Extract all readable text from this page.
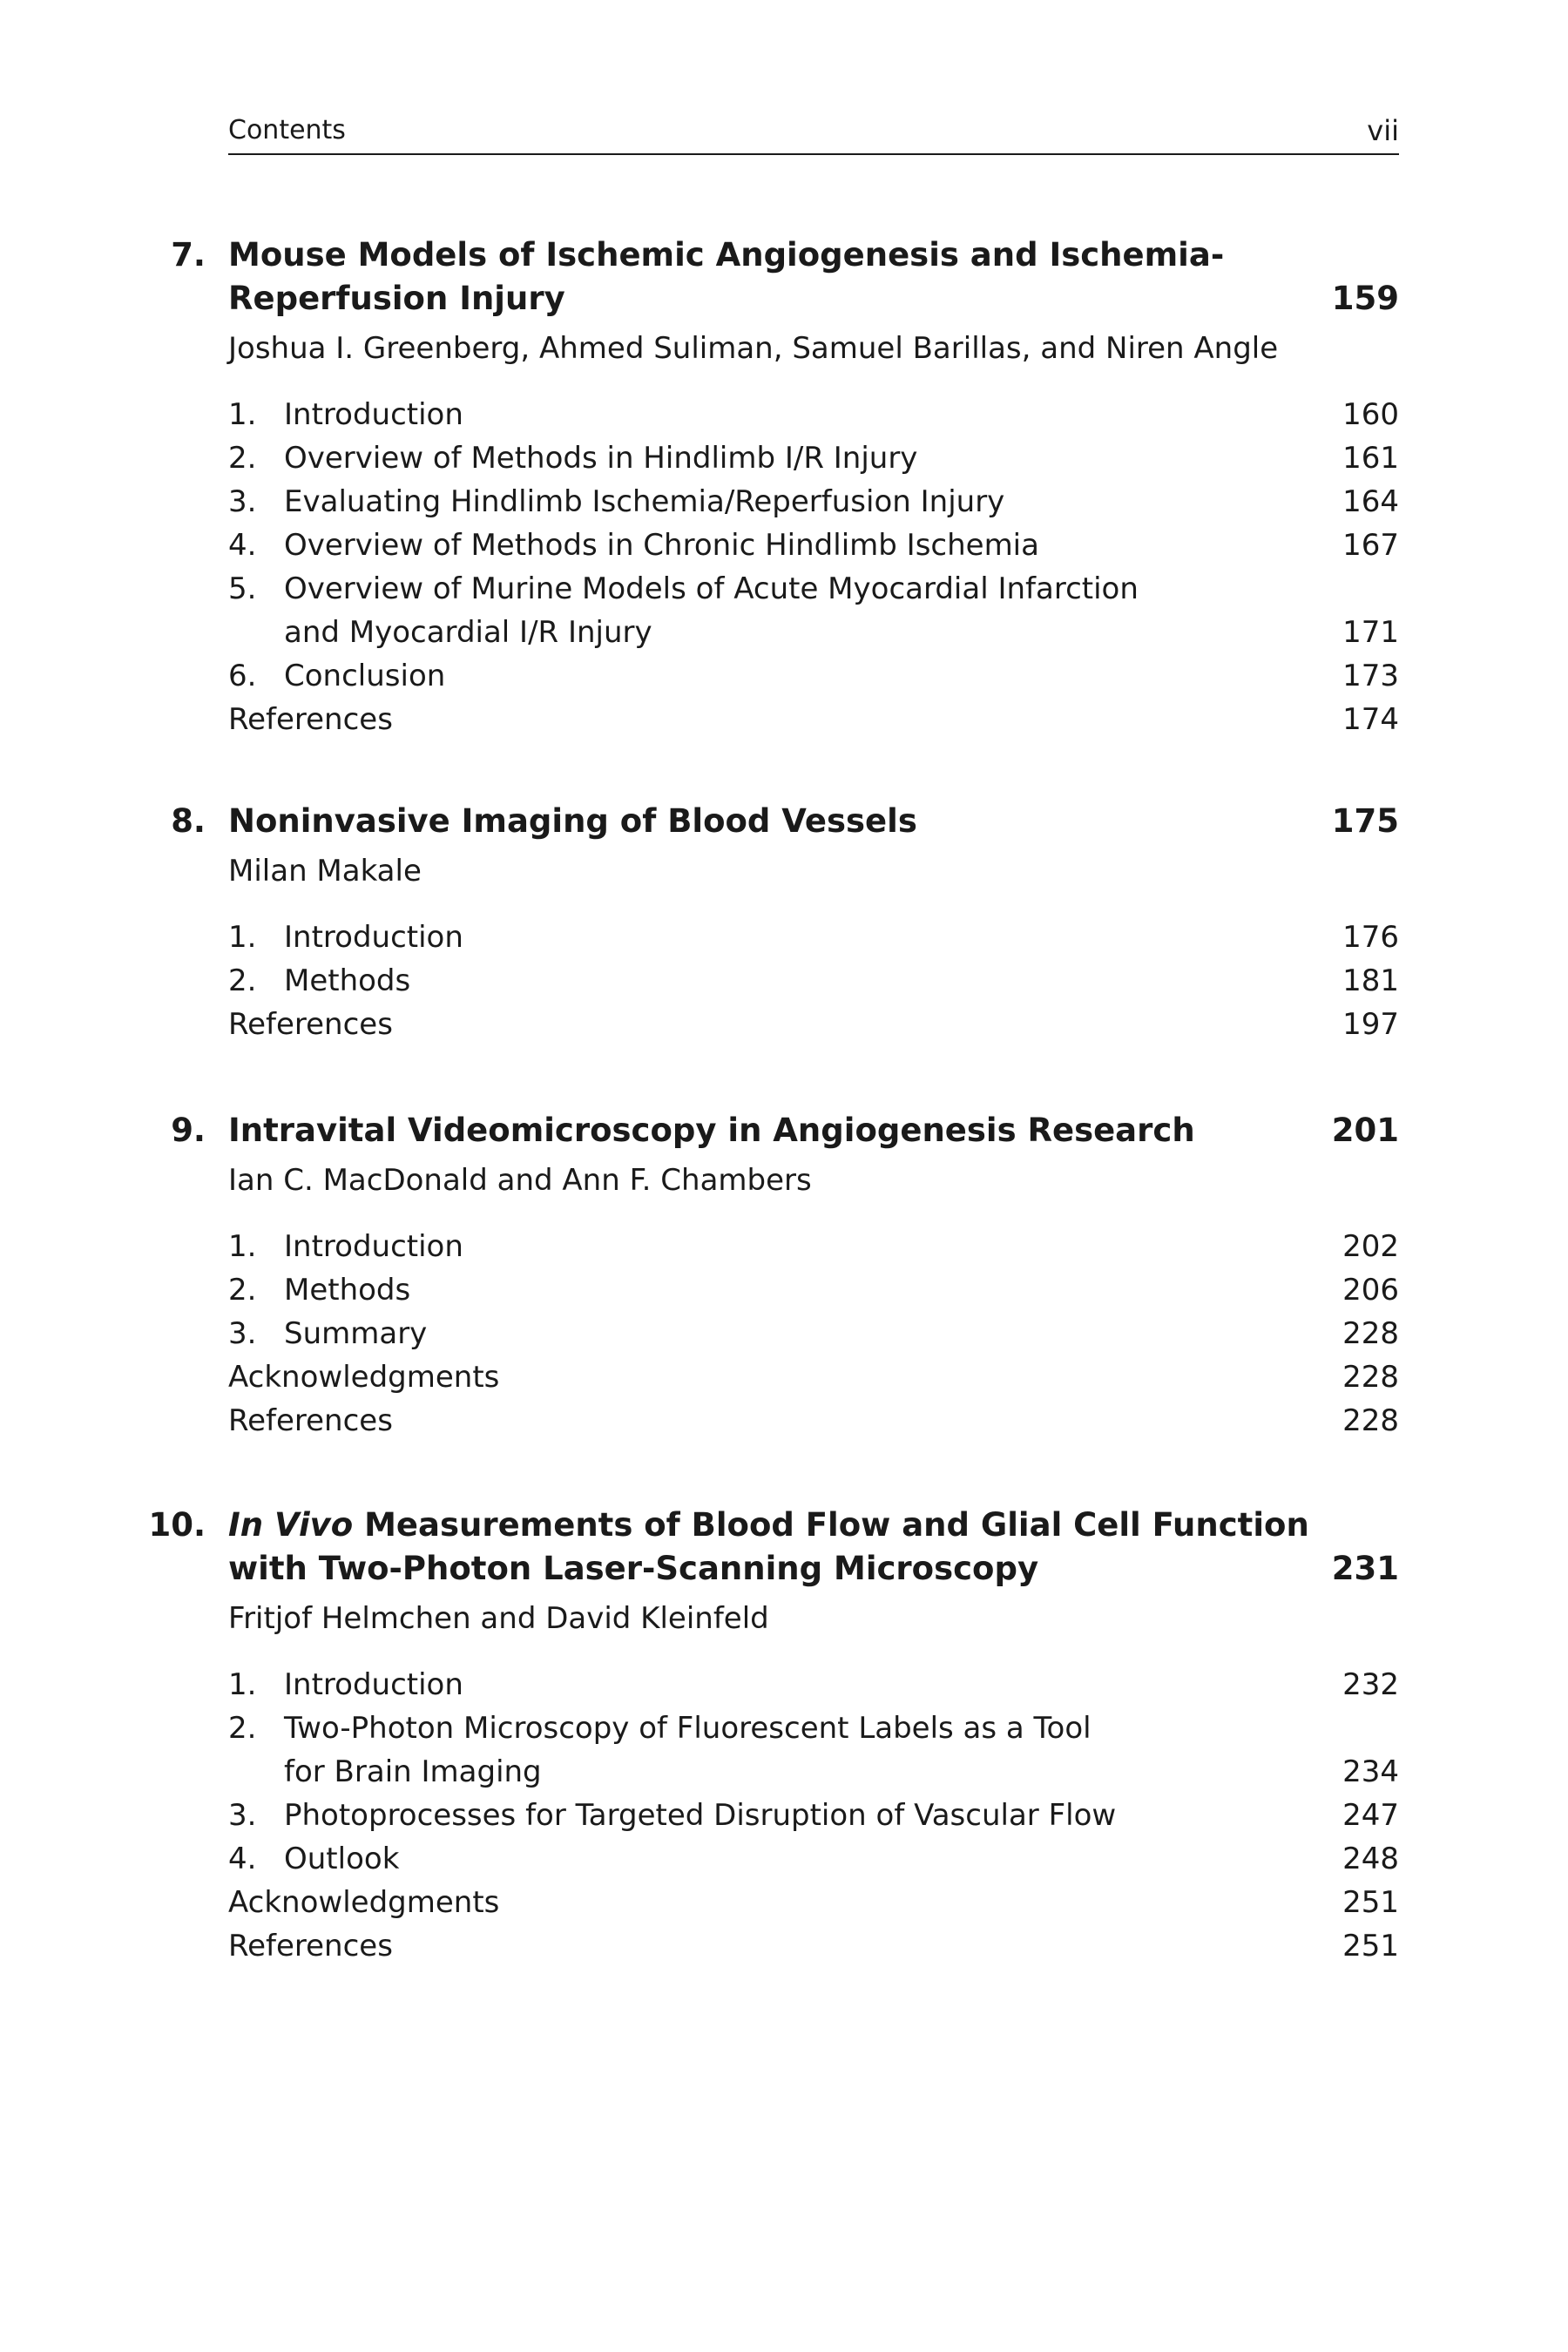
Contents	vii
7. Mouse Models of Ischemic Angiogenesis and Ischemia-
Reperfusion Injury	159
Joshua I. Greenberg, Ahmed Suliman, Samuel Barillas, and Niren Angle
1. Introduction	160
2. Overview of Methods in Hindlimb I/R Injury	161
3. Evaluating Hindlimb Ischemia/Reperfusion Injury	164
4. Overview of Methods in Chronic Hindlimb Ischemia	167
5. Overview of Murine Models of Acute Myocardial Infarction
and Myocardial I/R Injury	171
6. Conclusion	173
References	174
8. Noninvasive Imaging of Blood Vessels	175
Milan Makale
1. Introduction	176
2. Methods	181
References	197
9. Intravital Videomicroscopy in Angiogenesis Research	201
Ian C. MacDonald and Ann F. Chambers
1. Introduction	202
2. Methods	206
3. Summary	228
Acknowledgments	228
References	228
10. In Vivo Measurements of Blood Flow and Glial Cell Function
with Two-Photon Laser-Scanning Microscopy	231
Fritjof Helmchen and David Kleinfeld
1. Introduction	232
2. Two-Photon Microscopy of Fluorescent Labels as a Tool
for Brain Imaging	234
3. Photoprocesses for Targeted Disruption of Vascular Flow	247
4. Outlook	248
Acknowledgments	251
References	251
